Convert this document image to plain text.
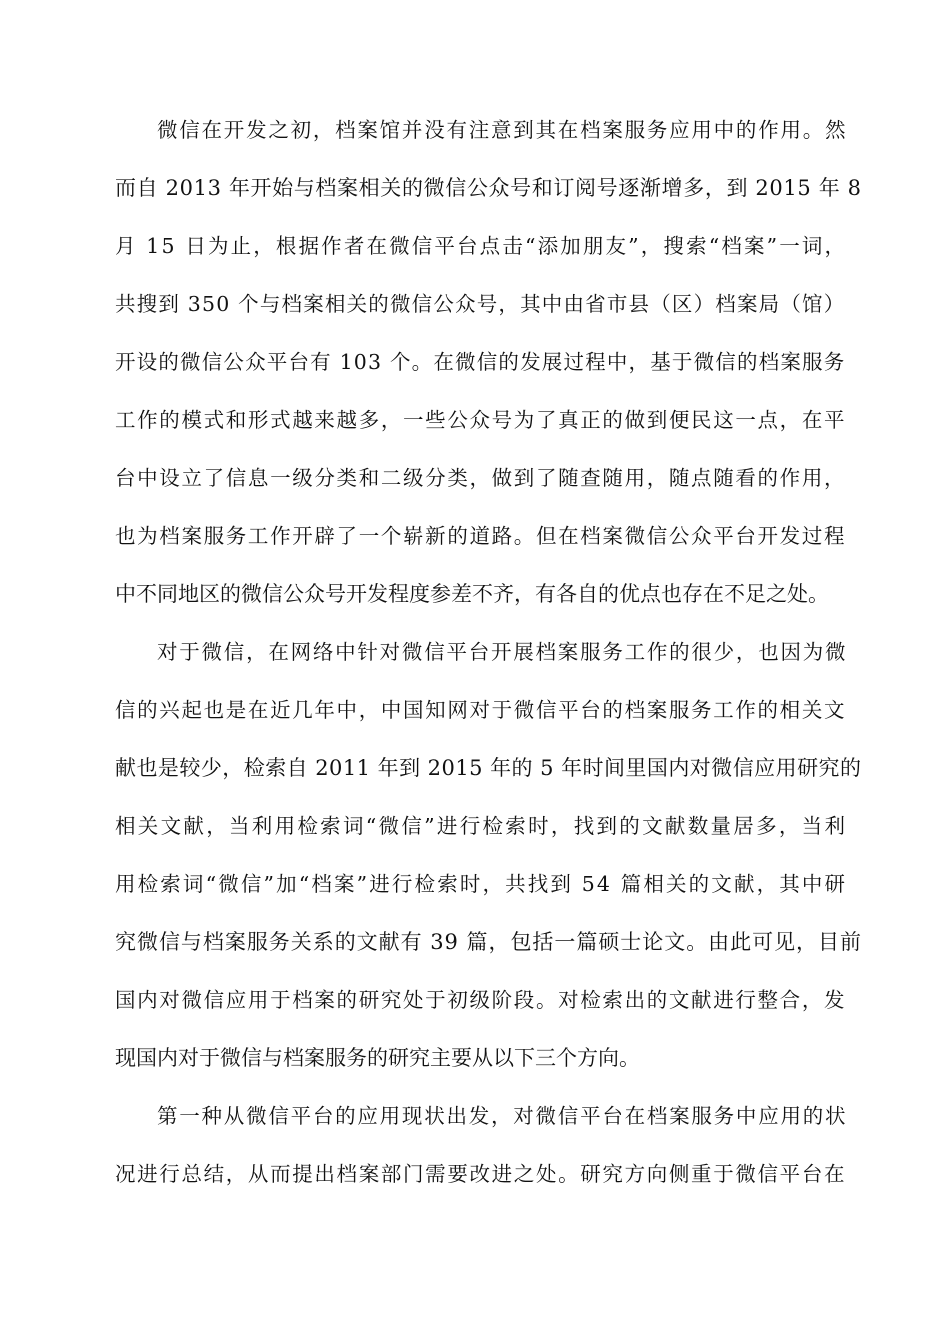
微信在开发之初，档案馆并没有注意到其在档案服务应用中的作用。然
而自 2013 年开始与档案相关的微信公众号和订阅号逐渐增多，到 2015 年 8
月 15 日为止，根据作者在微信平台点击“添加朋友”，搜索“档案”一词，
共搜到 350 个与档案相关的微信公众号，其中由省市县（区）档案局（馆）
开设的微信公众平台有 103 个。在微信的发展过程中，基于微信的档案服务
工作的模式和形式越来越多，一些公众号为了真正的做到便民这一点，在平
台中设立了信息一级分类和二级分类，做到了随查随用，随点随看的作用，
也为档案服务工作开辟了一个崭新的道路。但在档案微信公众平台开发过程
中不同地区的微信公众号开发程度参差不齐，有各自的优点也存在不足之处。
对于微信，在网络中针对微信平台开展档案服务工作的很少，也因为微
信的兴起也是在近几年中，中国知网对于微信平台的档案服务工作的相关文
献也是较少，检索自 2011 年到 2015 年的 5 年时间里国内对微信应用研究的
相关文献，当利用检索词“微信”进行检索时，找到的文献数量居多，当利
用检索词“微信”加“档案”进行检索时，共找到 54 篇相关的文献，其中研
究微信与档案服务关系的文献有 39 篇，包括一篇硕士论文。由此可见，目前
国内对微信应用于档案的研究处于初级阶段。对检索出的文献进行整合，发
现国内对于微信与档案服务的研究主要从以下三个方向。
第一种从微信平台的应用现状出发，对微信平台在档案服务中应用的状
况进行总结，从而提出档案部门需要改进之处。研究方向侧重于微信平台在
